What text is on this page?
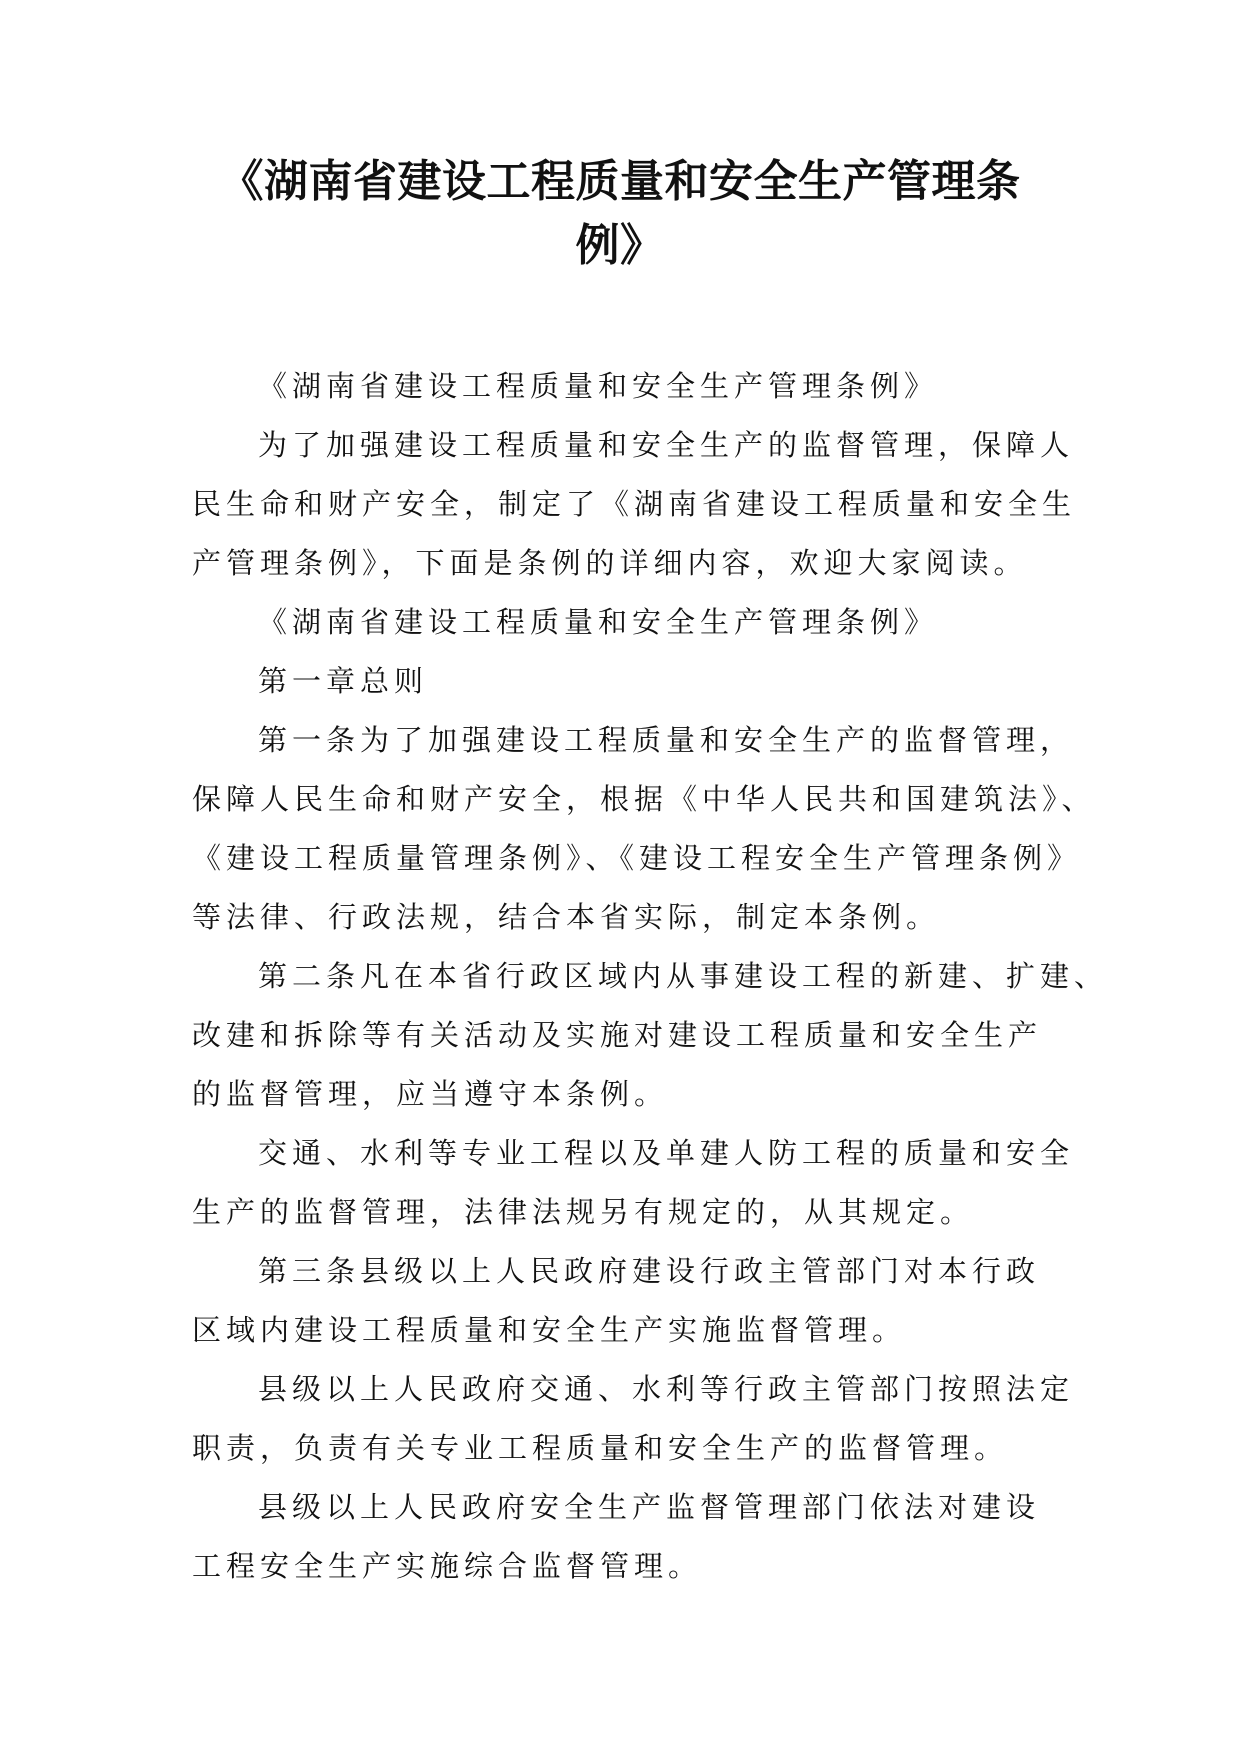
《湖南省建设工程质量和安全生产管理条
例》

《湖南省建设工程质量和安全生产管理条例》

为了加强建设工程质量和安全生产的监督管理，保障人
民生命和财产安全，制定了《湖南省建设工程质量和安全生
产管理条例》，下面是条例的详细内容，欢迎大家阅读。

《湖南省建设工程质量和安全生产管理条例》

第一章总则

第一条为了加强建设工程质量和安全生产的监督管理，
保障人民生命和财产安全，根据《中华人民共和国建筑法》、
《建设工程质量管理条例》、《建设工程安全生产管理条例》
等法律、行政法规，结合本省实际，制定本条例。

第二条凡在本省行政区域内从事建设工程的新建、扩建、
改建和拆除等有关活动及实施对建设工程质量和安全生产
的监督管理，应当遵守本条例。

交通、水利等专业工程以及单建人防工程的质量和安全
生产的监督管理，法律法规另有规定的，从其规定。

第三条县级以上人民政府建设行政主管部门对本行政
区域内建设工程质量和安全生产实施监督管理。

县级以上人民政府交通、水利等行政主管部门按照法定
职责，负责有关专业工程质量和安全生产的监督管理。

县级以上人民政府安全生产监督管理部门依法对建设
工程安全生产实施综合监督管理。
